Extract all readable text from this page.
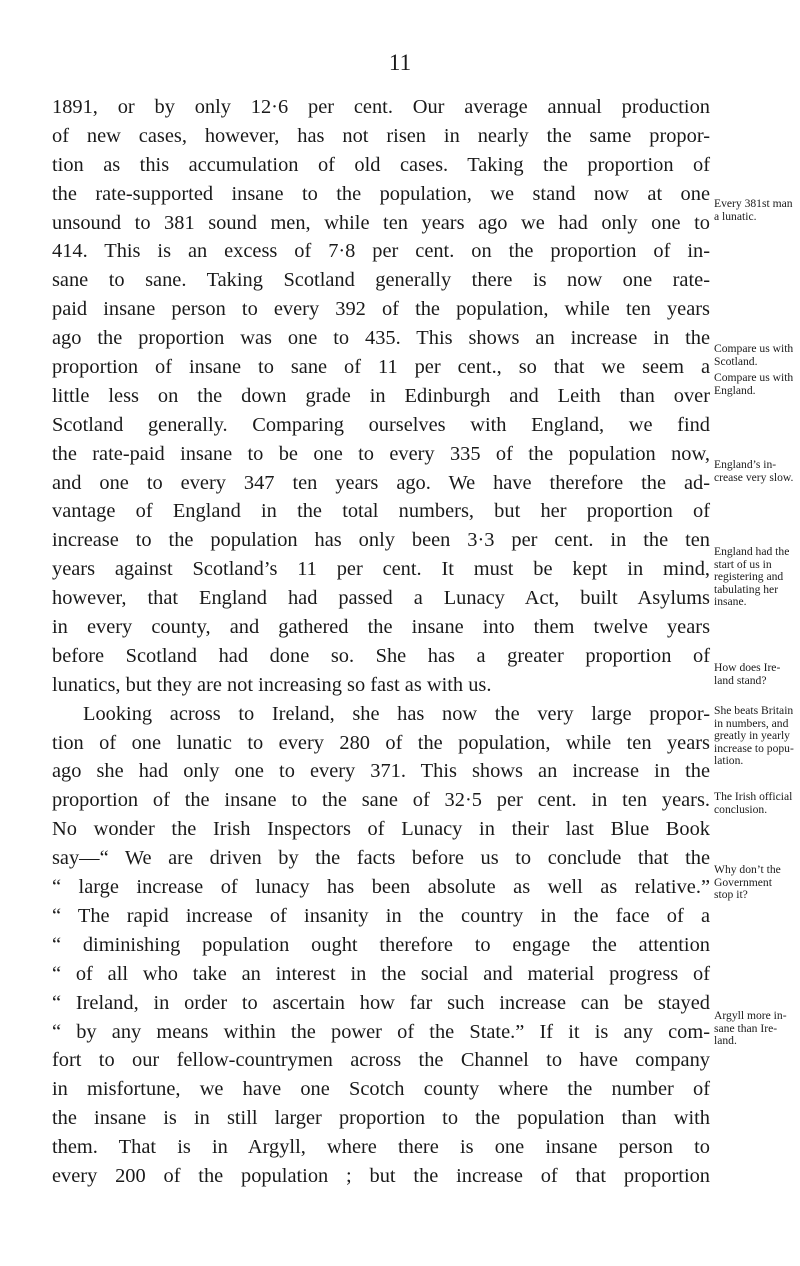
11
1891, or by only 12·6 per cent. Our average annual production
of new cases, however, has not risen in nearly the same propor-
tion as this accumulation of old cases. Taking the proportion of
the rate-supported insane to the population, we stand now at one
unsound to 381 sound men, while ten years ago we had only one to
414. This is an excess of 7·8 per cent. on the proportion of in-
sane to sane. Taking Scotland generally there is now one rate-
paid insane person to every 392 of the population, while ten years
ago the proportion was one to 435. This shows an increase in the
proportion of insane to sane of 11 per cent., so that we seem a
little less on the down grade in Edinburgh and Leith than over
Scotland generally. Comparing ourselves with England, we find
the rate-paid insane to be one to every 335 of the population now,
and one to every 347 ten years ago. We have therefore the ad-
vantage of England in the total numbers, but her proportion of
increase to the population has only been 3·3 per cent. in the ten
years against Scotland’s 11 per cent. It must be kept in mind,
however, that England had passed a Lunacy Act, built Asylums
in every county, and gathered the insane into them twelve years
before Scotland had done so. She has a greater proportion of
lunatics, but they are not increasing so fast as with us.
Looking across to Ireland, she has now the very large propor-
tion of one lunatic to every 280 of the population, while ten years
ago she had only one to every 371. This shows an increase in the
proportion of the insane to the sane of 32·5 per cent. in ten years.
No wonder the Irish Inspectors of Lunacy in their last Blue Book
say—“ We are driven by the facts before us to conclude that the
“ large increase of lunacy has been absolute as well as relative.”
“ The rapid increase of insanity in the country in the face of a
“ diminishing population ought therefore to engage the attention
“ of all who take an interest in the social and material progress of
“ Ireland, in order to ascertain how far such increase can be stayed
“ by any means within the power of the State.” If it is any com-
fort to our fellow-countrymen across the Channel to have company
in misfortune, we have one Scotch county where the number of
the insane is in still larger proportion to the population than with
them. That is in Argyll, where there is one insane person to
every 200 of the population ; but the increase of that proportion
Every 381st man
a lunatic.
Compare us with
Scotland.
Compare us with
England.
England’s in-
crease very slow.
England had the
start of us in
registering and
tabulating her
insane.
How does Ire-
land stand?
She beats Britain
in numbers, and
greatly in yearly
increase to popu-
lation.
The Irish official
conclusion.
Why don’t the
Government
stop it?
Argyll more in-
sane than Ire-
land.
